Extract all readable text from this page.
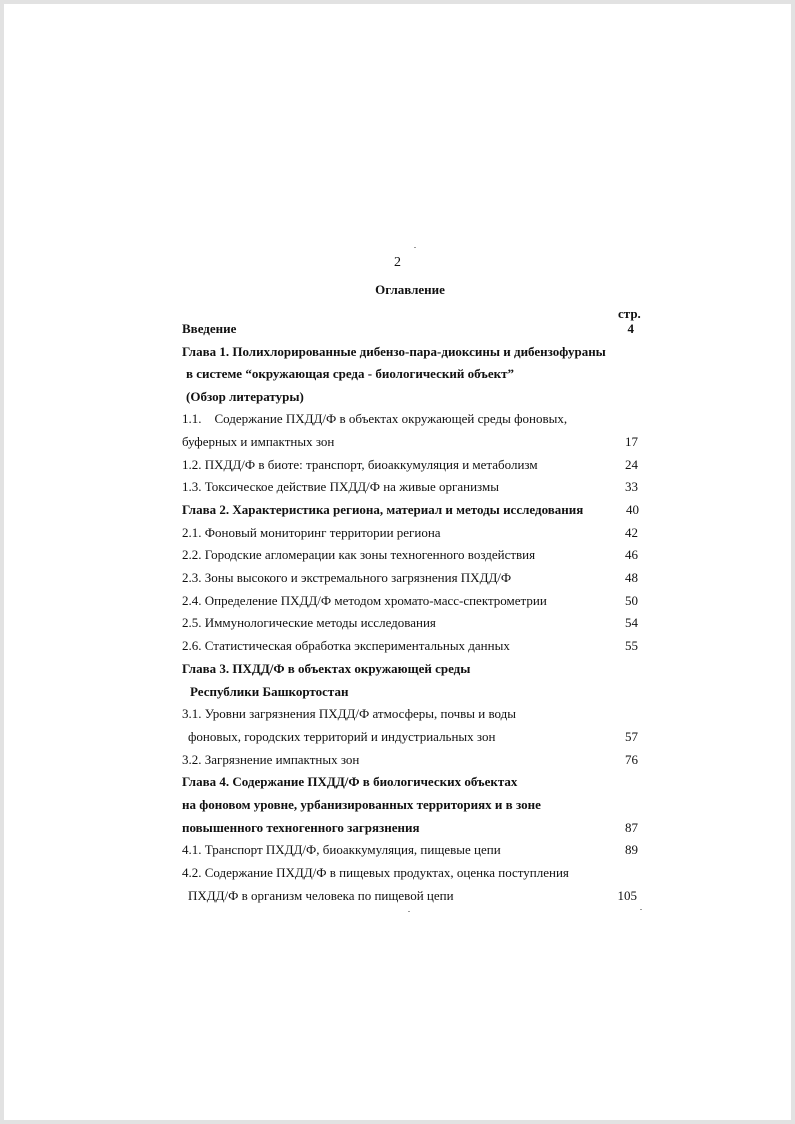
2
Оглавление
стр.
Введение	4
Глава 1. Полихлорированные дибензо-пара-диоксины и дибензофураны
в системе “окружающая среда - биологический объект”
(Обзор литературы)
1.1.    Содержание ПХДД/Ф в объектах окружающей среды фоновых,
буферных и импактных зон	17
1.2. ПХДД/Ф в биоте: транспорт, биоаккумуляция и метаболизм	24
1.3. Токсическое действие ПХДД/Ф на живые организмы	33
Глава 2. Характеристика региона, материал и методы исследования	40
2.1. Фоновый мониторинг территории региона	42
2.2. Городские агломерации как зоны техногенного воздействия	46
2.3. Зоны высокого и экстремального загрязнения ПХДД/Ф	48
2.4. Определение ПХДД/Ф методом хромато-масс-спектрометрии	50
2.5. Иммунологические методы исследования	54
2.6. Статистическая обработка экспериментальных данных	55
Глава 3. ПХДД/Ф в объектах окружающей среды
Республики Башкортостан
3.1. Уровни загрязнения ПХДД/Ф атмосферы, почвы и воды
фоновых, городских территорий и индустриальных зон	57
3.2. Загрязнение импактных зон	76
Глава 4. Содержание ПХДД/Ф в биологических объектах
на фоновом уровне, урбанизированных территориях и в зоне
повышенного техногенного загрязнения	87
4.1. Транспорт ПХДД/Ф, биоаккумуляция, пищевые цепи	89
4.2. Содержание ПХДД/Ф в пищевых продуктах, оценка поступления
ПХДД/Ф в организм человека по пищевой цепи	105
